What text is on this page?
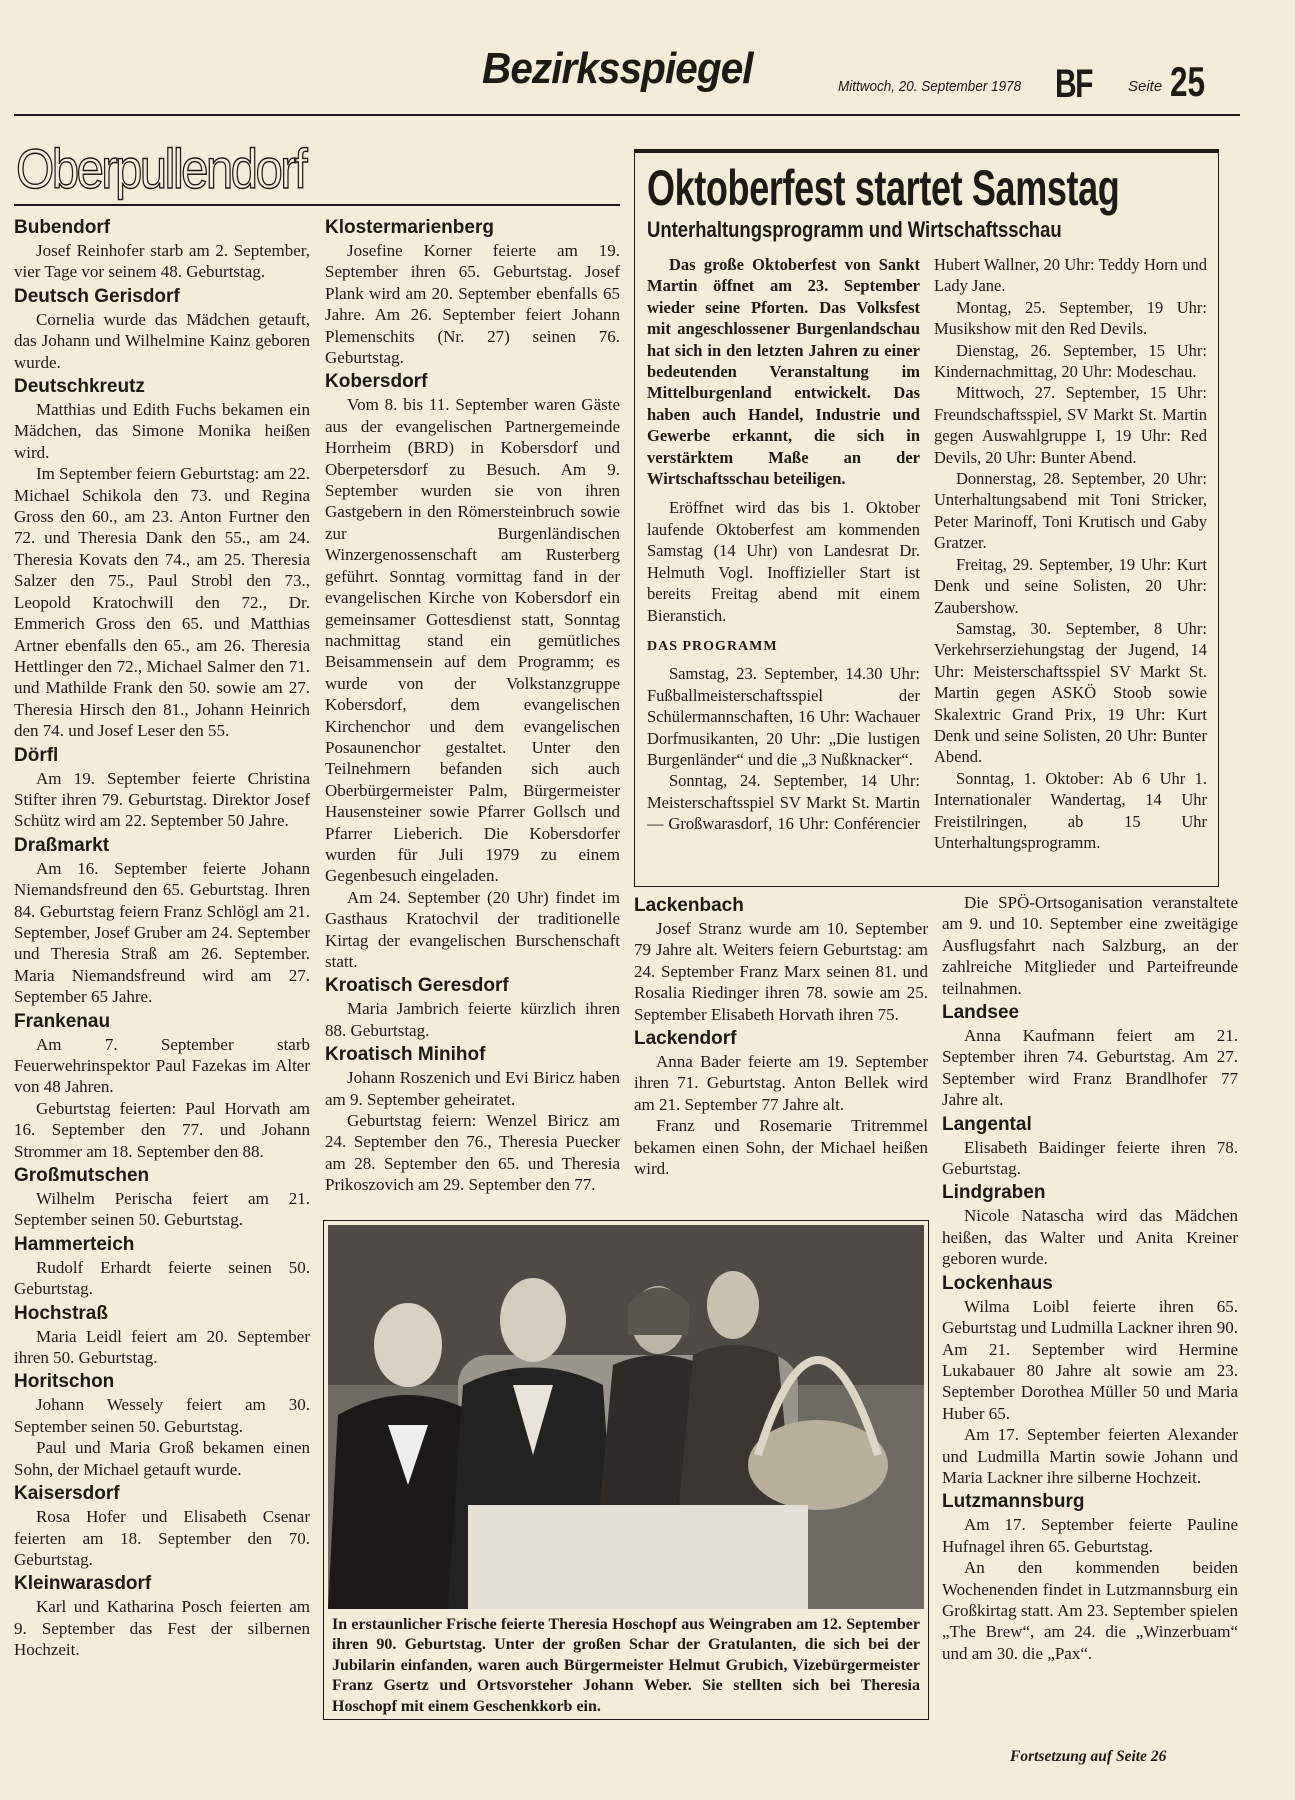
Bezirksspiegel	Mittwoch, 20. September 1978 BF Seite 25
Oberpullendorf
Bubendorf

Josef Reinhofer starb am 2. September, vier Tage vor seinem 48. Geburtstag.

Deutsch Gerisdorf

Cornelia wurde das Mädchen getauft, das Johann und Wilhelmine Kainz geboren wurde.

Deutschkreutz

Matthias und Edith Fuchs bekamen ein Mädchen, das Simone Monika heißen wird.

Im September feiern Geburtstag: am 22. Michael Schikola den 73. und Regina Gross den 60., am 23. Anton Furtner den 72. und Theresia Dank den 55., am 24. Theresia Kovats den 74., am 25. Theresia Salzer den 75., Paul Strobl den 73., Leopold Kratochwill den 72., Dr. Emmerich Gross den 65. und Matthias Artner ebenfalls den 65., am 26. Theresia Hettlinger den 72., Michael Salmer den 71. und Mathilde Frank den 50. sowie am 27. Theresia Hirsch den 81., Johann Heinrich den 74. und Josef Leser den 55.

Dörfl

Am 19. September feierte Christina Stifter ihren 79. Geburtstag. Direktor Josef Schütz wird am 22. September 50 Jahre.

Draßmarkt

Am 16. September feierte Johann Niemandsfreund den 65. Geburtstag. Ihren 84. Geburtstag feiern Franz Schlögl am 21. September, Josef Gruber am 24. September und Theresia Straß am 26. September. Maria Niemandsfreund wird am 27. September 65 Jahre.

Frankenau

Am 7. September starb Feuerwehrinspektor Paul Fazekas im Alter von 48 Jahren.

Geburtstag feierten: Paul Horvath am 16. September den 77. und Johann Strommer am 18. September den 88.

Großmutschen

Wilhelm Perischa feiert am 21. September seinen 50. Geburtstag.

Hammerteich

Rudolf Erhardt feierte seinen 50. Geburtstag.

Hochstraß

Maria Leidl feiert am 20. September ihren 50. Geburtstag.

Horitschon

Johann Wessely feiert am 30. September seinen 50. Geburtstag.

Paul und Maria Groß bekamen einen Sohn, der Michael getauft wurde.

Kaisersdorf

Rosa Hofer und Elisabeth Csenar feierten am 18. September den 70. Geburtstag.

Kleinwarasdorf

Karl und Katharina Posch feierten am 9. September das Fest der silbernen Hochzeit.

Klostermarienberg

Josefine Korner feierte am 19. September ihren 65. Geburtstag. Josef Plank wird am 20. September ebenfalls 65 Jahre. Am 26. September feiert Johann Plemenschits (Nr. 27) seinen 76. Geburtstag.

Kobersdorf

Vom 8. bis 11. September waren Gäste aus der evangelischen Partnergemeinde Horrheim (BRD) in Kobersdorf und Oberpetersdorf zu Besuch. Am 9. September wurden sie von ihren Gastgebern in den Römersteinbruch sowie zur Burgenländischen Winzergenossenschaft am Rusterberg geführt. Sonntag vormittag fand in der evangelischen Kirche von Kobersdorf ein gemeinsamer Gottesdienst statt, Sonntag nachmittag stand ein gemütliches Beisammensein auf dem Programm; es wurde von der Volkstanzgruppe Kobersdorf, dem evangelischen Kirchenchor und dem evangelischen Posaunenchor gestaltet. Unter den Teilnehmern befanden sich auch Oberbürgermeister Palm, Bürgermeister Hausensteiner sowie Pfarrer Gollsch und Pfarrer Lieberich. Die Kobersdorfer wurden für Juli 1979 zu einem Gegenbesuch eingeladen.

Am 24. September (20 Uhr) findet im Gasthaus Kratochvil der traditionelle Kirtag der evangelischen Burschenschaft statt.

Kroatisch Geresdorf

Maria Jambrich feierte kürzlich ihren 88. Geburtstag.

Kroatisch Minihof

Johann Roszenich und Evi Biricz haben am 9. September geheiratet.

Geburtstag feiern: Wenzel Biricz am 24. September den 76., Theresia Puecker am 28. September den 65. und Theresia Prikoszovich am 29. September den 77.

Oktoberfest startet Samstag
Unterhaltungsprogramm und Wirtschaftsschau

Das große Oktoberfest von Sankt Martin öffnet am 23. September wieder seine Pforten. Das Volksfest mit angeschlossener Burgenlandschau hat sich in den letzten Jahren zu einer bedeutenden Veranstaltung im Mittelburgenland entwickelt. Das haben auch Handel, Industrie und Gewerbe erkannt, die sich in verstärktem Maße an der Wirtschaftsschau beteiligen.

Eröffnet wird das bis 1. Oktober laufende Oktoberfest am kommenden Samstag (14 Uhr) von Landesrat Dr. Helmuth Vogl. Inoffizieller Start ist bereits Freitag abend mit einem Bieranstich.

DAS PROGRAMM

Samstag, 23. September, 14.30 Uhr: Fußballmeisterschaftsspiel der Schülermannschaften, 16 Uhr: Wachauer Dorfmusikanten, 20 Uhr: „Die lustigen Burgenländer“ und die „3 Nußknacker“.

Sonntag, 24. September, 14 Uhr: Meisterschaftsspiel SV Markt St. Martin — Großwarasdorf, 16 Uhr: Conférencier Hubert Wallner, 20 Uhr: Teddy Horn und Lady Jane.

Montag, 25. September, 19 Uhr: Musikshow mit den Red Devils.

Dienstag, 26. September, 15 Uhr: Kindernachmittag, 20 Uhr: Modeschau.

Mittwoch, 27. September, 15 Uhr: Freundschaftsspiel, SV Markt St. Martin gegen Auswahlgruppe I, 19 Uhr: Red Devils, 20 Uhr: Bunter Abend.

Donnerstag, 28. September, 20 Uhr: Unterhaltungsabend mit Toni Stricker, Peter Marinoff, Toni Krutisch und Gaby Gratzer.

Freitag, 29. September, 19 Uhr: Kurt Denk und seine Solisten, 20 Uhr: Zaubershow.

Samstag, 30. September, 8 Uhr: Verkehrserziehungstag der Jugend, 14 Uhr: Meisterschaftsspiel SV Markt St. Martin gegen ASKÖ Stoob sowie Skalextric Grand Prix, 19 Uhr: Kurt Denk und seine Solisten, 20 Uhr: Bunter Abend.

Sonntag, 1. Oktober: Ab 6 Uhr 1. Internationaler Wandertag, 14 Uhr Freistilringen, ab 15 Uhr Unterhaltungsprogramm.

Lackenbach

Josef Stranz wurde am 10. September 79 Jahre alt. Weiters feiern Geburtstag: am 24. September Franz Marx seinen 81. und Rosalia Riedinger ihren 78. sowie am 25. September Elisabeth Horvath ihren 75.

Lackendorf

Anna Bader feierte am 19. September ihren 71. Geburtstag. Anton Bellek wird am 21. September 77 Jahre alt.

Franz und Rosemarie Tritremmel bekamen einen Sohn, der Michael heißen wird.

Die SPÖ-Ortsoganisation veranstaltete am 9. und 10. September eine zweitägige Ausflugsfahrt nach Salzburg, an der zahlreiche Mitglieder und Parteifreunde teilnahmen.

Landsee

Anna Kaufmann feiert am 21. September ihren 74. Geburtstag. Am 27. September wird Franz Brandlhofer 77 Jahre alt.

Langental

Elisabeth Baidinger feierte ihren 78. Geburtstag.

Lindgraben

Nicole Natascha wird das Mädchen heißen, das Walter und Anita Kreiner geboren wurde.

Lockenhaus

Wilma Loibl feierte ihren 65. Geburtstag und Ludmilla Lackner ihren 90. Am 21. September wird Hermine Lukabauer 80 Jahre alt sowie am 23. September Dorothea Müller 50 und Maria Huber 65.

Am 17. September feierten Alexander und Ludmilla Martin sowie Johann und Maria Lackner ihre silberne Hochzeit.

Lutzmannsburg

Am 17. September feierte Pauline Hufnagel ihren 65. Geburtstag.

An den kommenden beiden Wochenenden findet in Lutzmannsburg ein Großkirtag statt. Am 23. September spielen „The Brew“, am 24. die „Winzerbuam“ und am 30. die „Pax“.

In erstaunlicher Frische feierte Theresia Hoschopf aus Weingraben am 12. September ihren 90. Geburtstag. Unter der großen Schar der Gratulanten, die sich bei der Jubilarin einfanden, waren auch Bürgermeister Helmut Grubich, Vizebürgermeister Franz Gsertz und Ortsvorsteher Johann Weber. Sie stellten sich bei Theresia Hoschopf mit einem Geschenkkorb ein.
Fortsetzung auf Seite 26
